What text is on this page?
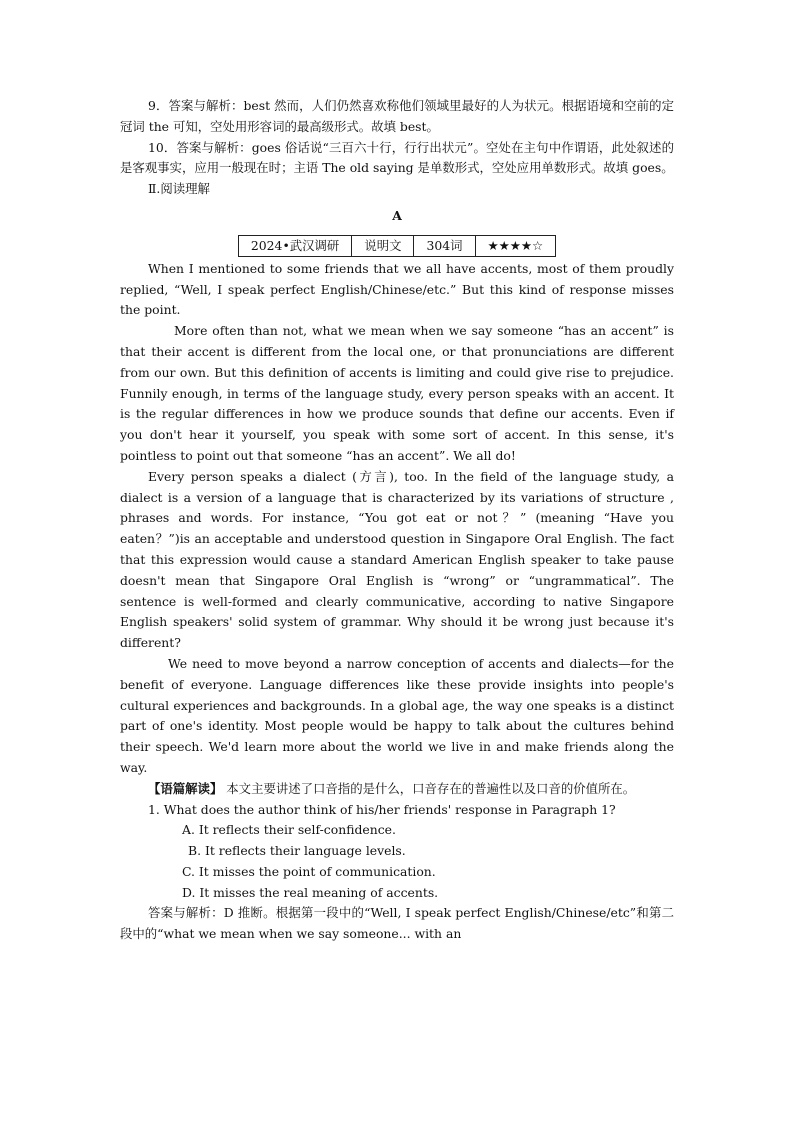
9．答案与解析：best 然而，人们仍然喜欢称他们领域里最好的人为状元。根据语境和空前的定冠词 the 可知，空处用形容词的最高级形式。故填 best。

10．答案与解析：goes 俗话说“三百六十行，行行出状元”。空处在主句中作谓语，此处叙述的是客观事实，应用一般现在时；主语 The old saying 是单数形式，空处应用单数形式。故填 goes。

Ⅱ.阅读理解

A

2024•武汉调研	说明文	304词	★★★★☆

When I mentioned to some friends that we all have accents, most of them proudly replied, “Well, I speak perfect English/Chinese/etc.” But this kind of response misses the point.

More often than not, what we mean when we say someone “has an accent” is that their accent is different from the local one, or that pronunciations are different from our own. But this definition of accents is limiting and could give rise to prejudice. Funnily enough, in terms of the language study, every person speaks with an accent. It is the regular differences in how we produce sounds that define our accents. Even if you don't hear it yourself, you speak with some sort of accent. In this sense, it's pointless to point out that someone “has an accent”. We all do!

Every person speaks a dialect (方言), too. In the field of the language study, a dialect is a version of a language that is characterized by its variations of structure , phrases and words. For instance, “You got eat or not？” (meaning “Have you eaten？”)is an acceptable and understood question in Singapore Oral English. The fact that this expression would cause a standard American English speaker to take pause doesn't mean that Singapore Oral English is “wrong” or “ungrammatical”. The sentence is well-formed and clearly communicative, according to native Singapore English speakers' solid system of grammar. Why should it be wrong just because it's different?

We need to move beyond a narrow conception of accents and dialects—for the benefit of everyone. Language differences like these provide insights into people's cultural experiences and backgrounds. In a global age, the way one speaks is a distinct part of one's identity. Most people would be happy to talk about the cultures behind their speech. We'd learn more about the world we live in and make friends along the way.

【语篇解读】 本文主要讲述了口音指的是什么，口音存在的普遍性以及口音的价值所在。

1. What does the author think of his/her friends' response in Paragraph 1?

A. It reflects their self-confidence.

B. It reflects their language levels.

C. It misses the point of communication.

D. It misses the real meaning of accents.

答案与解析：D 推断。根据第一段中的“Well, I speak perfect English/Chinese/etc”和第二段中的“what we mean when we say someone... with an
